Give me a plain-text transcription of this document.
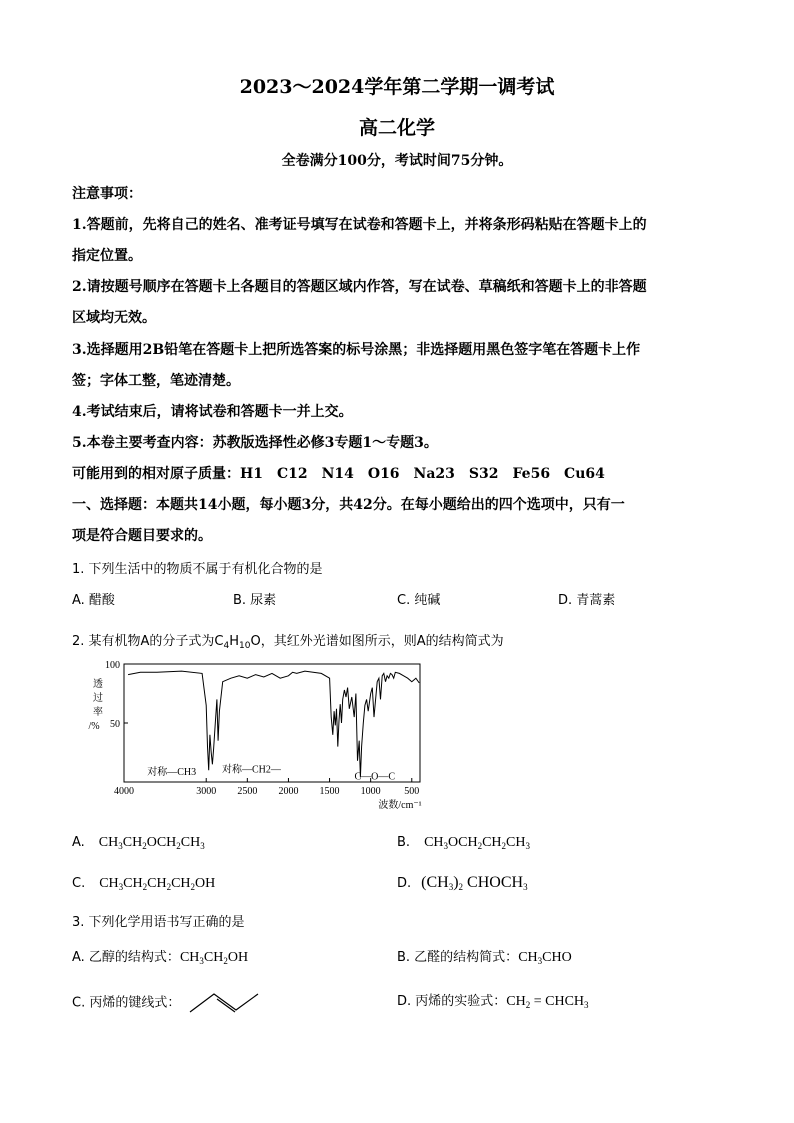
2023～2024学年第二学期一调考试
高二化学
全卷满分100分，考试时间75分钟。
注意事项：
1.答题前，先将自己的姓名、准考证号填写在试卷和答题卡上，并将条形码粘贴在答题卡上的
指定位置。
2.请按题号顺序在答题卡上各题目的答题区域内作答，写在试卷、草稿纸和答题卡上的非答题
区域均无效。
3.选择题用2B铅笔在答题卡上把所选答案的标号涂黑；非选择题用黑色签字笔在答题卡上作
签；字体工整，笔迹清楚。
4.考试结束后，请将试卷和答题卡一并上交。
5.本卷主要考查内容：苏教版选择性必修3专题1～专题3。
可能用到的相对原子质量：H1　C12　N14　O16　Na23　S32　Fe56　Cu64
一、选择题：本题共14小题，每小题3分，共42分。在每小题给出的四个选项中，只有一
项是符合题目要求的。
1. 下列生活中的物质不属于有机化合物的是
A. 醋酸	B. 尿素	C. 纯碱	D. 青蒿素
2. 某有机物A的分子式为$C_4H_{10}O$，其红外光谱如图所示，则A的结构简式为
4000	3000 2500 2000 1500 1000 500
100
50
透
过
率
/%
波数/cm⁻¹
对称—CH3	对称—CH2—
C—O—C
A. $CH_3CH_2OCH_2CH_3$	B. $CH_3OCH_2CH_2CH_3$
C. $CH_3CH_2CH_2CH_2OH$	D. $(CH_3)_2$ $CHOCH_3$
3. 下列化学用语书写正确的是
A. 乙醇的结构式：$CH_3CH_2OH$	B. 乙醛的结构简式：$CH_3CHO$
C. 丙烯的键线式：	D. 丙烯的实验式：$CH_2$ = $CHCH_3$
